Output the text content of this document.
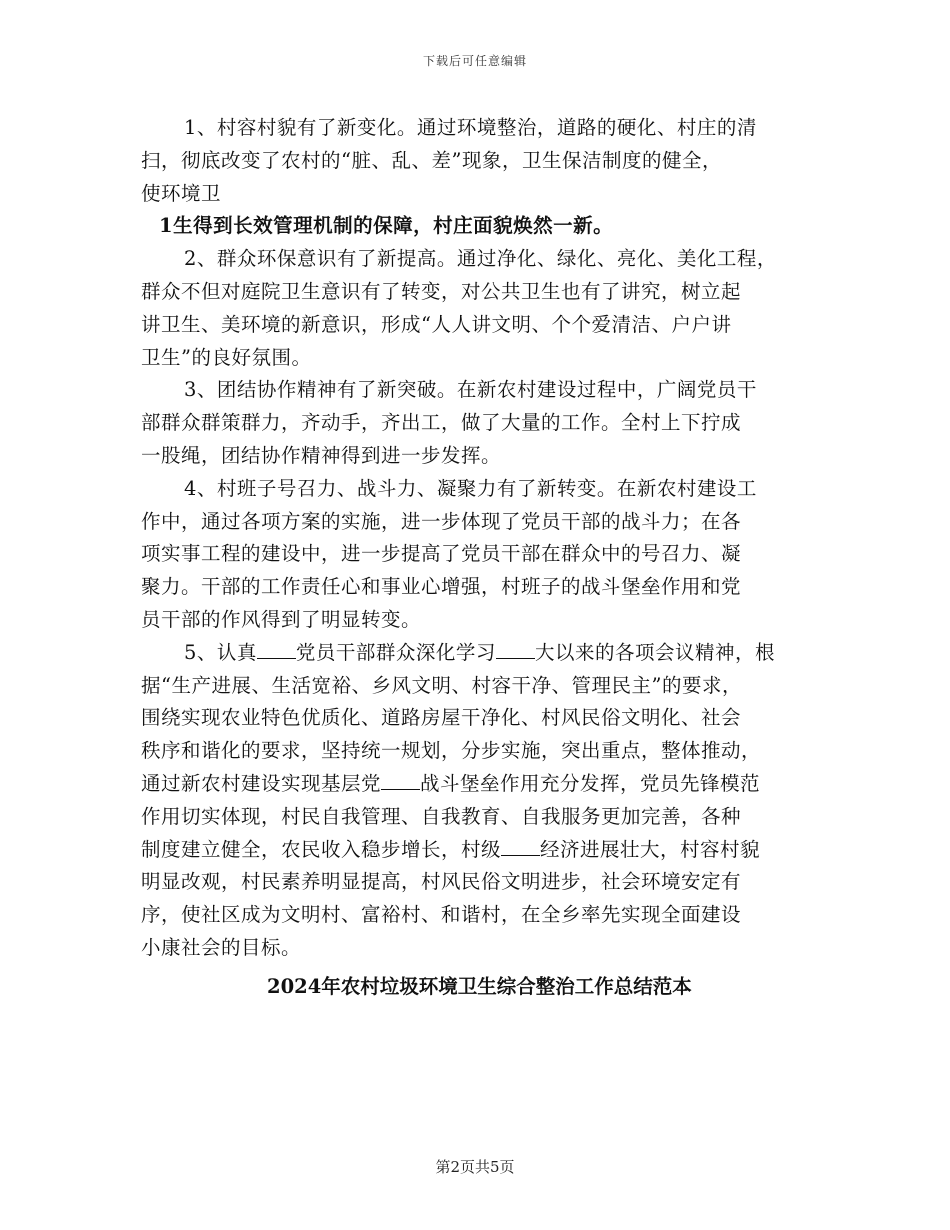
下载后可任意编辑
1、村容村貌有了新变化。通过环境整治，道路的硬化、村庄的清
扫，彻底改变了农村的“脏、乱、差”现象，卫生保洁制度的健全，
使环境卫
1生得到长效管理机制的保障，村庄面貌焕然一新。
2、群众环保意识有了新提高。通过净化、绿化、亮化、美化工程，
群众不但对庭院卫生意识有了转变，对公共卫生也有了讲究，树立起
讲卫生、美环境的新意识，形成“人人讲文明、个个爱清洁、户户讲
卫生”的良好氛围。
3、团结协作精神有了新突破。在新农村建设过程中，广阔党员干
部群众群策群力，齐动手，齐出工，做了大量的工作。全村上下拧成
一股绳，团结协作精神得到进一步发挥。
4、村班子号召力、战斗力、凝聚力有了新转变。在新农村建设工
作中，通过各项方案的实施，进一步体现了党员干部的战斗力；在各
项实事工程的建设中，进一步提高了党员干部在群众中的号召力、凝
聚力。干部的工作责任心和事业心增强，村班子的战斗堡垒作用和党
员干部的作风得到了明显转变。
5、认真 党员干部群众深化学习 大以来的各项会议精神，根
据“生产进展、生活宽裕、乡风文明、村容干净、管理民主”的要求，
围绕实现农业特色优质化、道路房屋干净化、村风民俗文明化、社会
秩序和谐化的要求，坚持统一规划，分步实施，突出重点，整体推动，
通过新农村建设实现基层党 战斗堡垒作用充分发挥，党员先锋模范
作用切实体现，村民自我管理、自我教育、自我服务更加完善，各种
制度建立健全，农民收入稳步增长，村级 经济进展壮大，村容村貌
明显改观，村民素养明显提高，村风民俗文明进步，社会环境安定有
序，使社区成为文明村、富裕村、和谐村，在全乡率先实现全面建设
小康社会的目标。
2024年农村垃圾环境卫生综合整治工作总结范本
第2页共5页
